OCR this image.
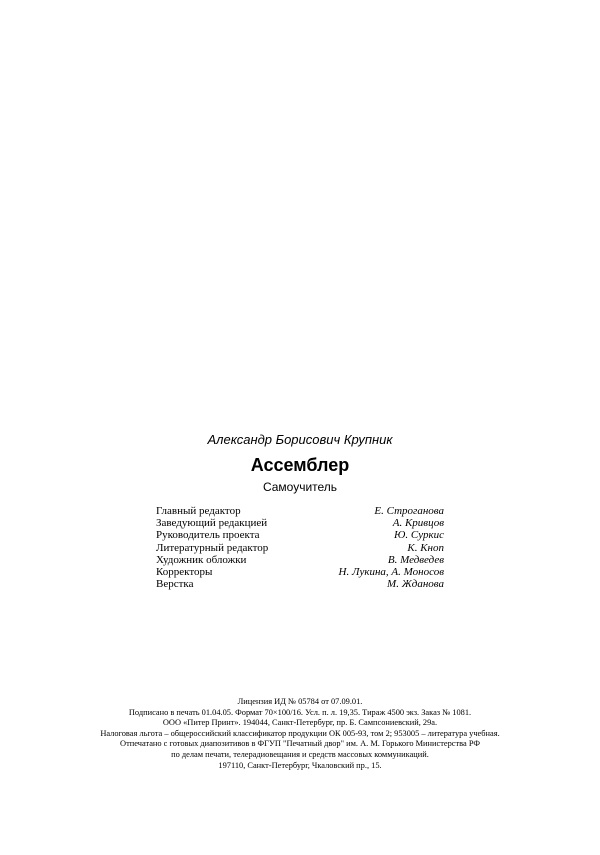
Александр Борисович Крупник
Ассемблер
Самоучитель
Главный редактор	Е. Строганова
Заведующий редакцией	А. Кривцов
Руководитель проекта	Ю. Суркис
Литературный редактор	К. Кноп
Художник обложки	В. Медведев
Корректоры	Н. Лукина, А. Моносов
Верстка	М. Жданова
Лицензия ИД № 05784 от 07.09.01.
Подписано в печать 01.04.05. Формат 70×100/16. Усл. п. л. 19,35. Тираж 4500 экз. Заказ № 1081.
ООО «Питер Принт». 194044, Санкт-Петербург, пр. Б. Сампсониевский, 29а.
Налоговая льгота – общероссийский классификатор продукции ОК 005-93, том 2; 953005 – литература учебная.
Отпечатано с готовых диапозитивов в ФГУП "Печатный двор" им. А. М. Горького Министерства РФ
по делам печати, телерадиовещания и средств массовых коммуникаций.
197110, Санкт-Петербург, Чкаловский пр., 15.
